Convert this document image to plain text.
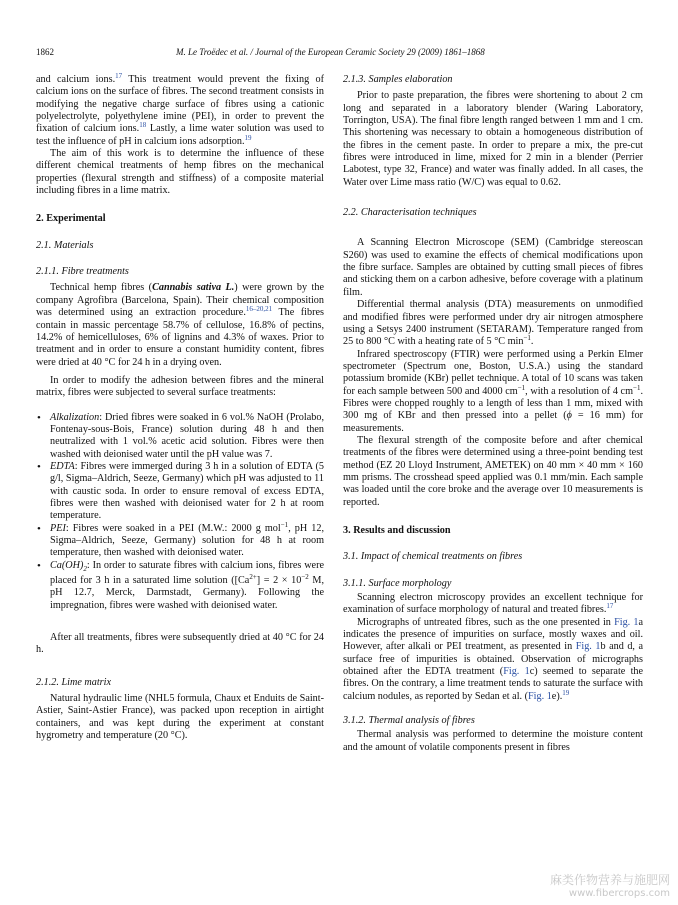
1862	M. Le Troëdec et al. / Journal of the European Ceramic Society 29 (2009) 1861–1868

and calcium ions.$^{17}$ This treatment would prevent the fixing of calcium ions on the surface of fibres. The second treatment consists in modifying the negative charge surface of fibres using a cationic polyelectrolyte, polyethylene imine (PEI), in order to prevent the fixation of calcium ions.$^{18}$ Lastly, a lime water solution was used to test the influence of pH in calcium ions adsorption.$^{19}$

The aim of this work is to determine the influence of these different chemical treatments of hemp fibres on the mechanical properties (flexural strength and stiffness) of a composite material including fibres in a lime matrix.

2. Experimental
2.1. Materials
2.1.1. Fibre treatments

Technical hemp fibres (Cannabis sativa L.) were grown by the company Agrofibra (Barcelona, Spain). Their chemical composition was determined using an extraction procedure.$^{16-20,21}$ The fibres contain in massic percentage 58.7% of cellulose, 16.8% of pectins, 14.2% of hemicelluloses, 6% of lignins and 4.3% of waxes. Prior to treatment and in order to ensure a constant humidity content, fibres were dried at 40 °C for 24 h in a drying oven.

In order to modify the adhesion between fibres and the mineral matrix, fibres were subjected to several surface treatments:

• Alkalization: Dried fibres were soaked in 6 vol.% NaOH (Prolabo, Fontenay-sous-Bois, France) solution during 48 h and then neutralized with 1 vol.% acetic acid solution. Fibres were then washed with deionised water until the pH value was 7.
• EDTA: Fibres were immerged during 3 h in a solution of EDTA (5 g/l, Sigma–Aldrich, Seeze, Germany) which pH was adjusted to 11 with caustic soda. In order to ensure removal of excess EDTA, fibres were then washed with deionised water for 2 h at room temperature.
• PEI: Fibres were soaked in a PEI (M.W.: 2000 g mol$^{-1}$, pH 12, Sigma–Aldrich, Seeze, Germany) solution for 48 h at room temperature, then washed with deionised water.
• $Ca(OH)_2$: In order to saturate fibres with calcium ions, fibres were placed for 3 h in a saturated lime solution ($[Ca^{2+}] = 2 \times 10^{-2}$ M, pH 12.7, Merck, Darmstadt, Germany). Following the impregnation, fibres were washed with deionised water.

After all treatments, fibres were subsequently dried at 40 °C for 24 h.

2.1.2. Lime matrix

Natural hydraulic lime (NHL5 formula, Chaux et Enduits de Saint-Astier, Saint-Astier France), was packed upon reception in airtight containers, and was kept during the experiment at constant hygrometry and temperature (20 °C).

2.1.3. Samples elaboration

Prior to paste preparation, the fibres were shortening to about 2 cm long and separated in a laboratory blender (Waring Laboratory, Torrington, USA). The final fibre length ranged between 1 mm and 1 cm. This shortening was necessary to obtain a homogeneous distribution of the fibres in the cement paste. In order to prepare a mix, the pre-cut fibres were introduced in lime, mixed for 2 min in a blender (Perrier Labotest, type 32, France) and water was finally added. In all cases, the Water over Lime mass ratio (W/C) was equal to 0.62.

2.2. Characterisation techniques

A Scanning Electron Microscope (SEM) (Cambridge stereoscan S260) was used to examine the effects of chemical modifications upon the fibre surface. Samples are obtained by cutting small pieces of fibres and sticking them on a carbon adhesive, before coverage with a platinum film.

Differential thermal analysis (DTA) measurements on unmodified and modified fibres were performed under dry air nitrogen atmosphere using a Setsys 2400 instrument (SETARAM). Temperature ranged from 25 to 800 °C with a heating rate of 5 °C $\min^{-1}$.

Infrared spectroscopy (FTIR) were performed using a Perkin Elmer spectrometer (Spectrum one, Boston, U.S.A.) using the standard potassium bromide (KBr) pellet technique. A total of 10 scans was taken for each sample between 500 and 4000 $cm^{-1}$, with a resolution of 4 $cm^{-1}$. Fibres were chopped roughly to a length of less than 1 mm, mixed with 300 mg of KBr and then pressed into a pellet (ϕ = 16 mm) for measurements.

The flexural strength of the composite before and after chemical treatments of the fibres were determined using a three-point bending test method (EZ 20 Lloyd Instrument, AMETEK) on 40 mm × 40 mm × 160 mm prisms. The crosshead speed applied was 0.1 mm/min. Each sample was loaded until the core broke and the average over 10 measurements is reported.

3. Results and discussion
3.1. Impact of chemical treatments on fibres
3.1.1. Surface morphology

Scanning electron microscopy provides an excellent technique for examination of surface morphology of natural and treated fibres.$^{17}$

Micrographs of untreated fibres, such as the one presented in Fig. 1a indicates the presence of impurities on surface, mostly waxes and oil. However, after alkali or PEI treatment, as presented in Fig. 1b and d, a surface free of impurities is obtained. Observation of micrographs obtained after the EDTA treatment (Fig. 1c) seemed to separate the fibres. On the contrary, a lime treatment tends to saturate the surface with calcium nodules, as reported by Sedan et al. (Fig. 1e).$^{19}$

3.1.2. Thermal analysis of fibres

Thermal analysis was performed to determine the moisture content and the amount of volatile components present in fibres

麻类作物营养与施肥网
www.fibercrops.com
